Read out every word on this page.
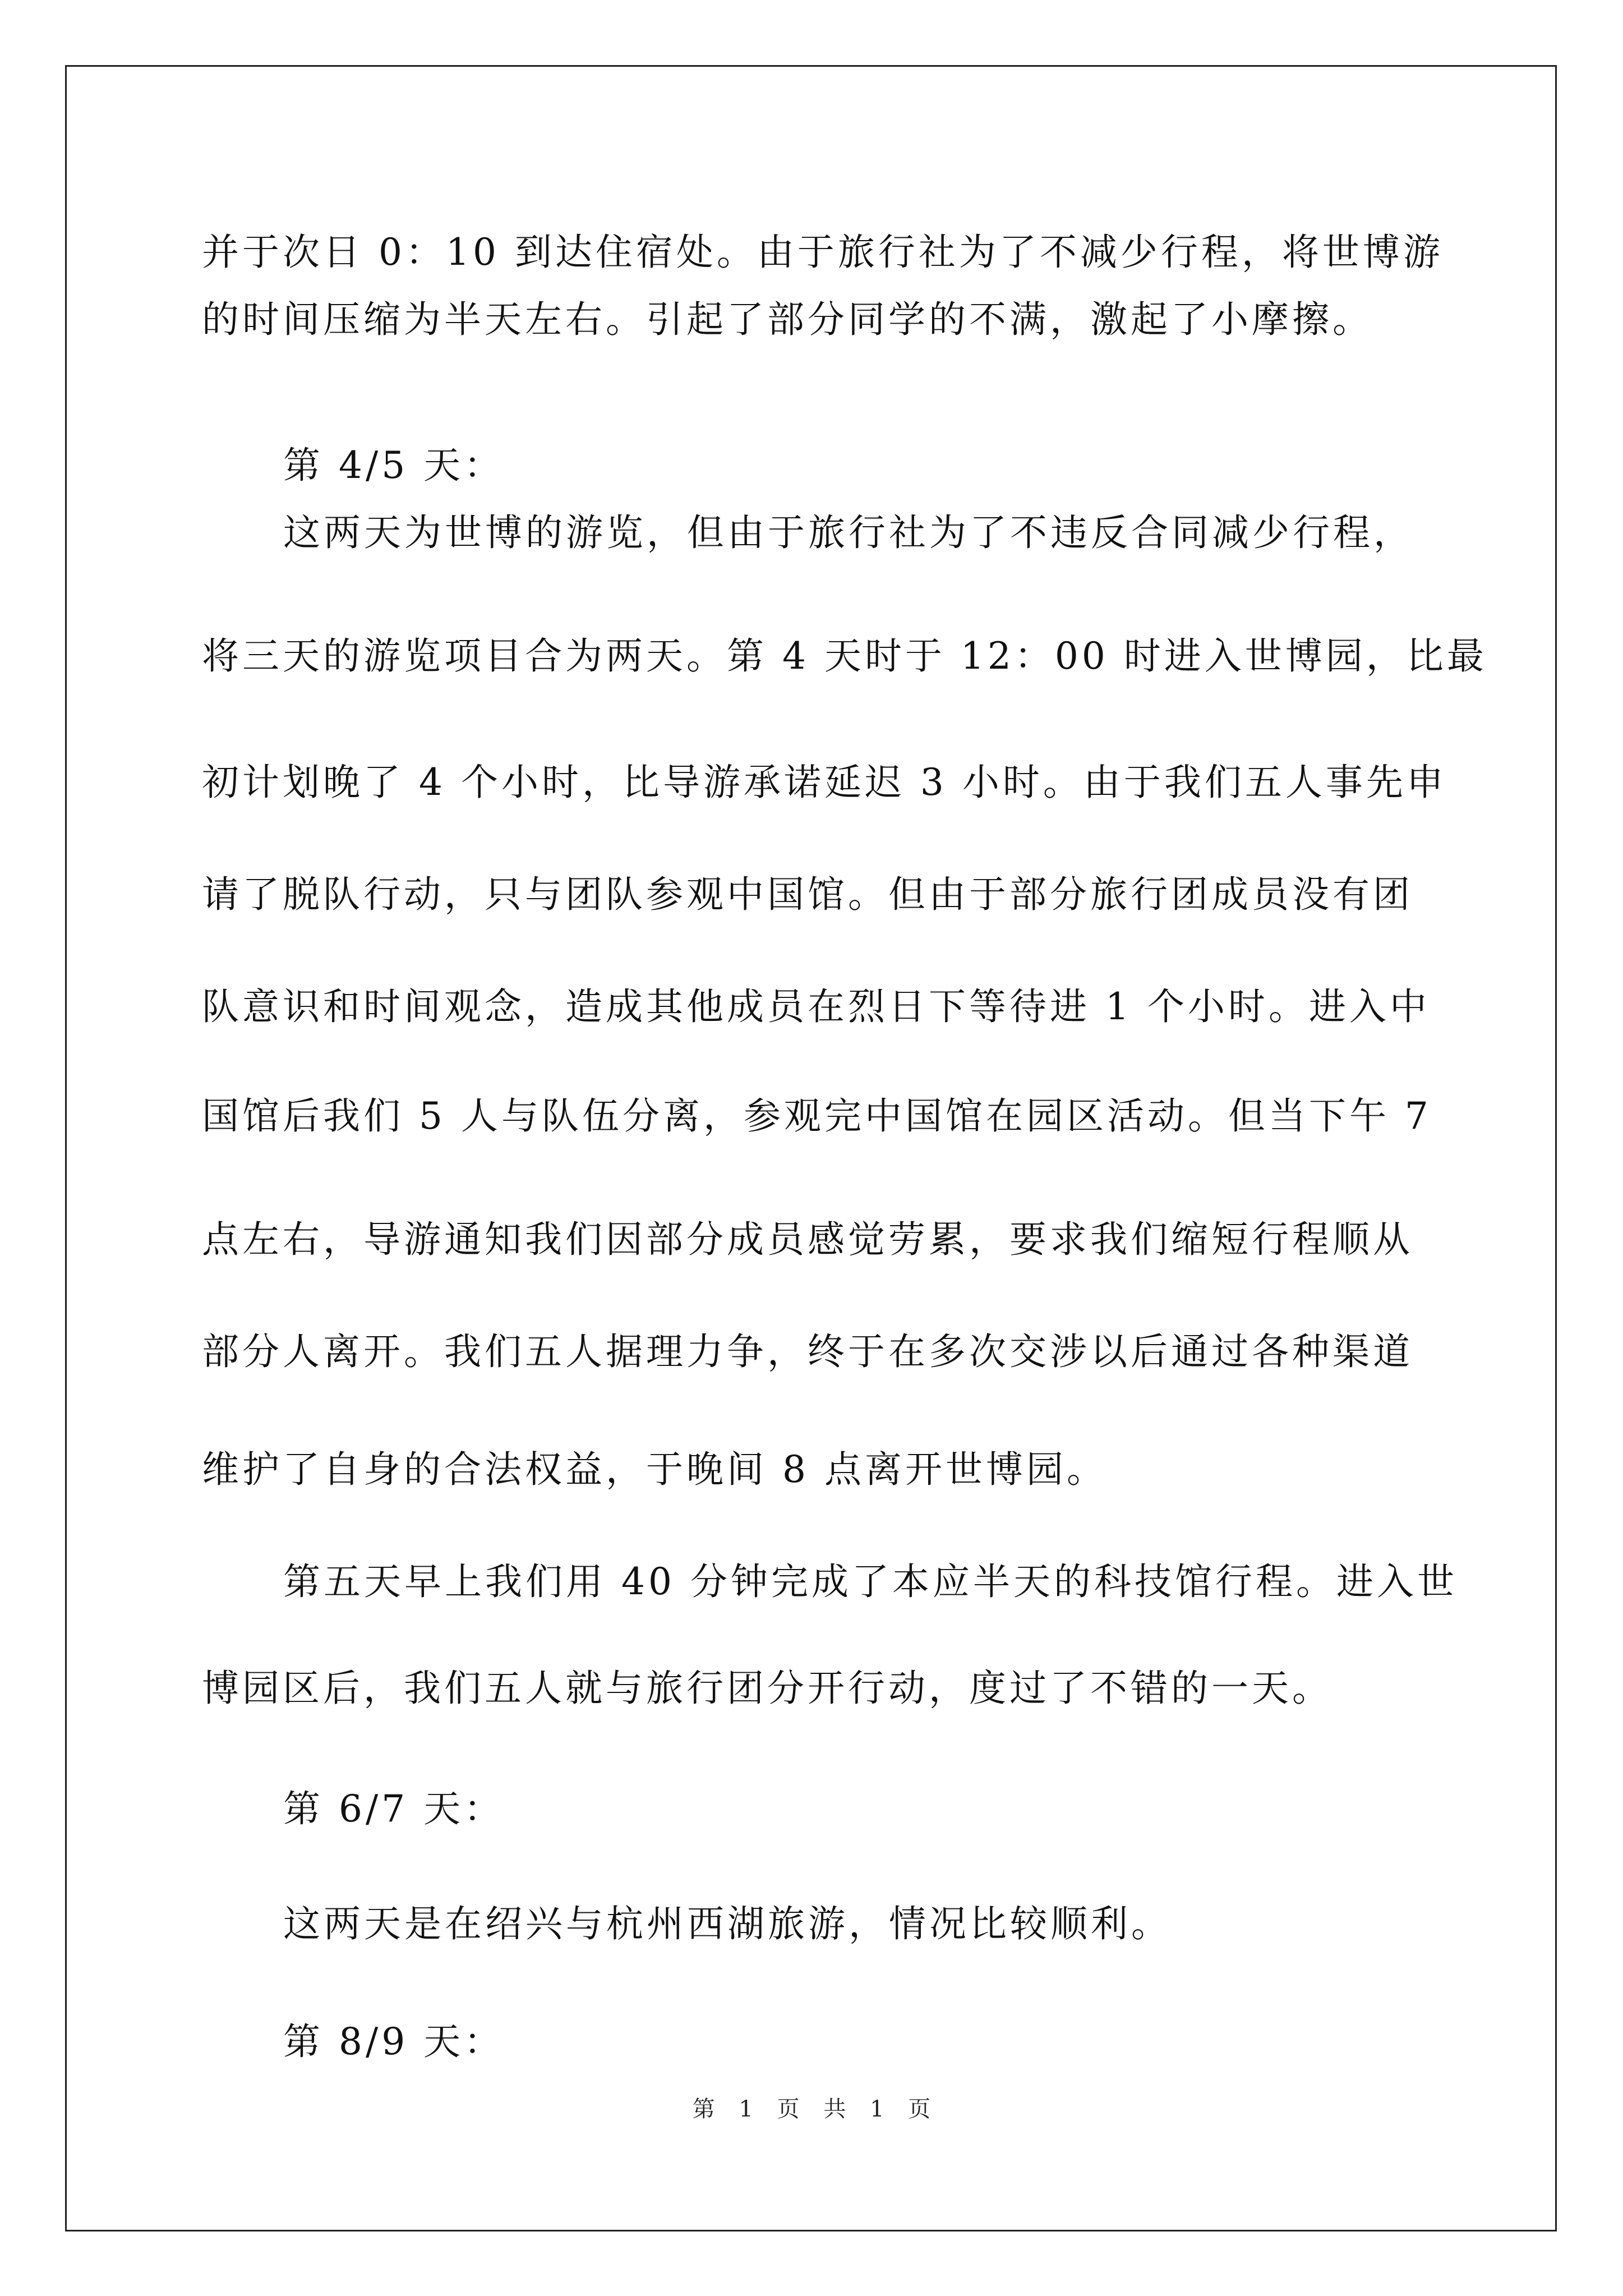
并于次日 0：10 到达住宿处。由于旅行社为了不减少行程，将世博游
的时间压缩为半天左右。引起了部分同学的不满，激起了小摩擦。
第 4/5 天：
这两天为世博的游览，但由于旅行社为了不违反合同减少行程，
将三天的游览项目合为两天。第 4 天时于 12：00 时进入世博园，比最
初计划晚了 4 个小时，比导游承诺延迟 3 小时。由于我们五人事先申
请了脱队行动，只与团队参观中国馆。但由于部分旅行团成员没有团
队意识和时间观念，造成其他成员在烈日下等待进 1 个小时。进入中
国馆后我们 5 人与队伍分离，参观完中国馆在园区活动。但当下午 7
点左右，导游通知我们因部分成员感觉劳累，要求我们缩短行程顺从
部分人离开。我们五人据理力争，终于在多次交涉以后通过各种渠道
维护了自身的合法权益，于晚间 8 点离开世博园。
第五天早上我们用 40 分钟完成了本应半天的科技馆行程。进入世
博园区后，我们五人就与旅行团分开行动，度过了不错的一天。
第 6/7 天：
这两天是在绍兴与杭州西湖旅游，情况比较顺利。
第 8/9 天：
第 1 页 共 1 页
